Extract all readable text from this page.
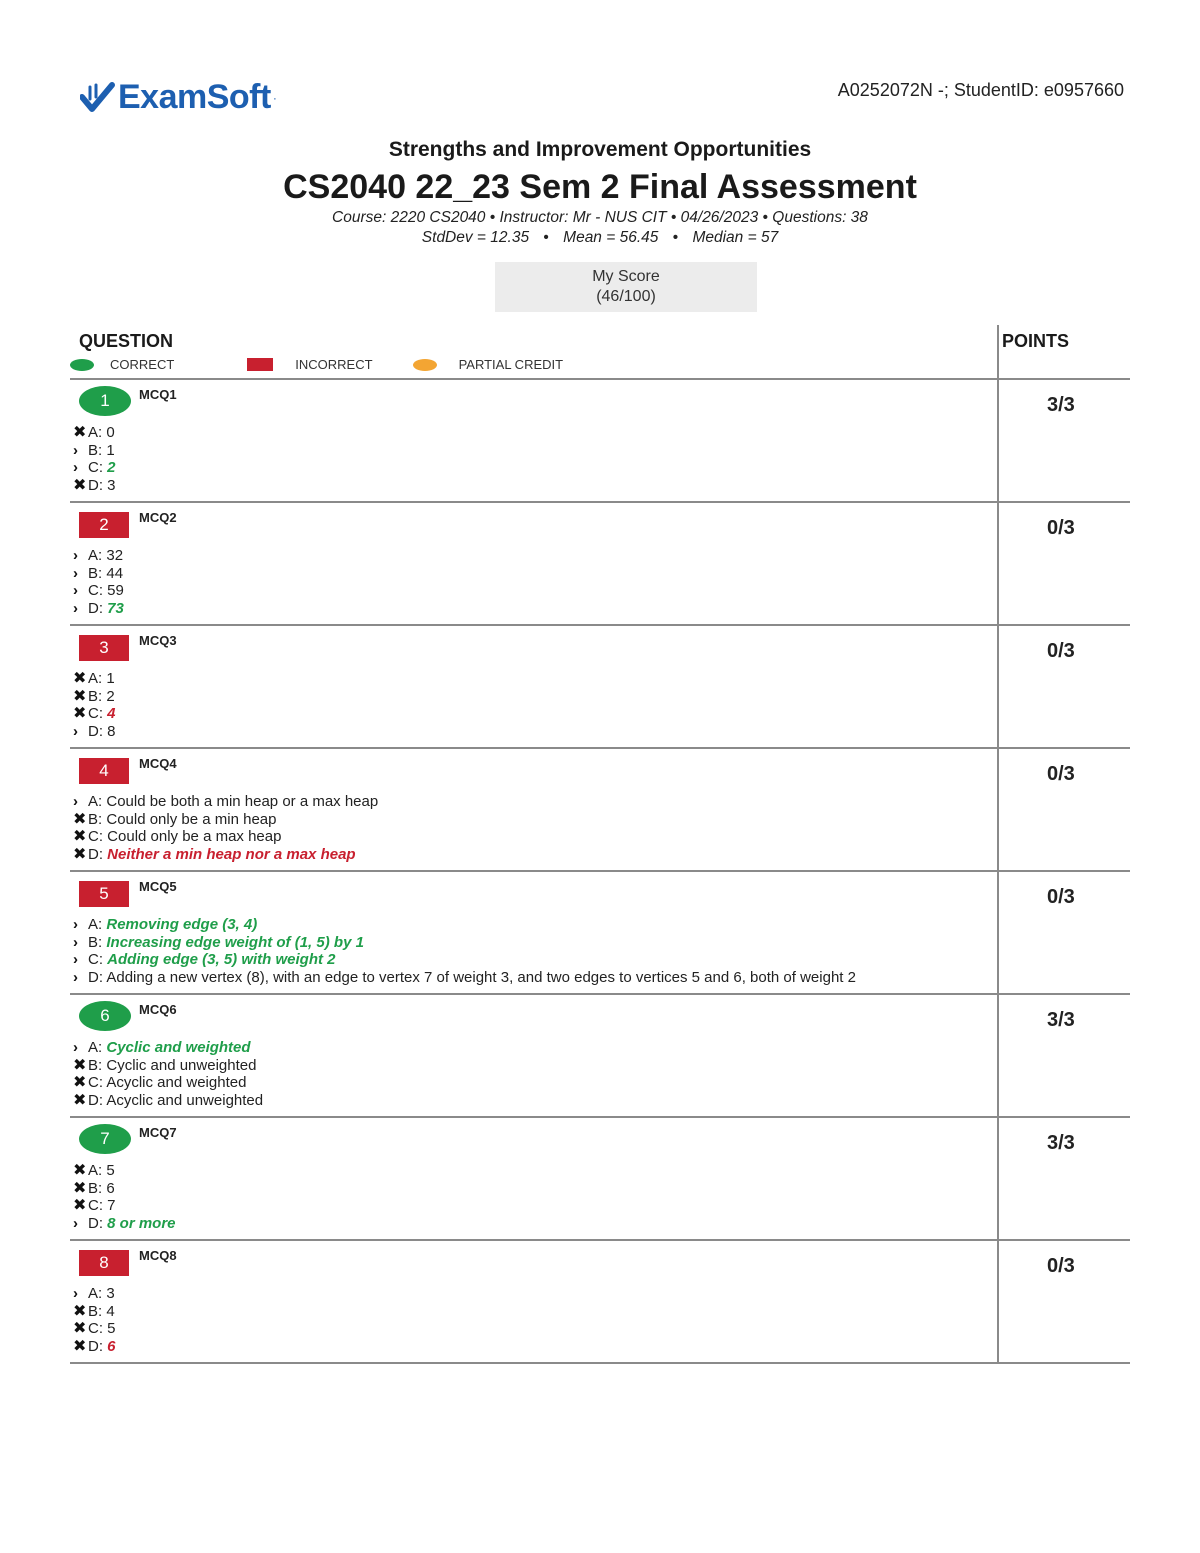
ExamSoft ·	A0252072N -; StudentID: e0957660
Strengths and Improvement Opportunities
CS2040 22_23 Sem 2 Final Assessment
Course: 2220 CS2040 • Instructor: Mr - NUS CIT • 04/26/2023 • Questions: 38
StdDev = 12.35 • Mean = 56.45 • Median = 57
My Score
(46/100)
QUESTION	POINTS
CORRECT	INCORRECT	PARTIAL CREDIT
1	MCQ1	3/3
✖ A: 0
› B: 1
› C: 2
✖ D: 3
2	MCQ2	0/3
› A: 32
› B: 44
› C: 59
› D: 73
3	MCQ3	0/3
✖ A: 1
✖ B: 2
✖ C: 4
› D: 8
4	MCQ4	0/3
› A: Could be both a min heap or a max heap
✖ B: Could only be a min heap
✖ C: Could only be a max heap
✖ D: Neither a min heap nor a max heap
5	MCQ5	0/3
› A: Removing edge (3, 4)
› B: Increasing edge weight of (1, 5) by 1
› C: Adding edge (3, 5) with weight 2
› D: Adding a new vertex (8), with an edge to vertex 7 of weight 3, and two edges to vertices 5 and 6, both of weight 2
6	MCQ6	3/3
› A: Cyclic and weighted
✖ B: Cyclic and unweighted
✖ C: Acyclic and weighted
✖ D: Acyclic and unweighted
7	MCQ7	3/3
✖ A: 5
✖ B: 6
✖ C: 7
› D: 8 or more
8	MCQ8	0/3
› A: 3
✖ B: 4
✖ C: 5
✖ D: 6
